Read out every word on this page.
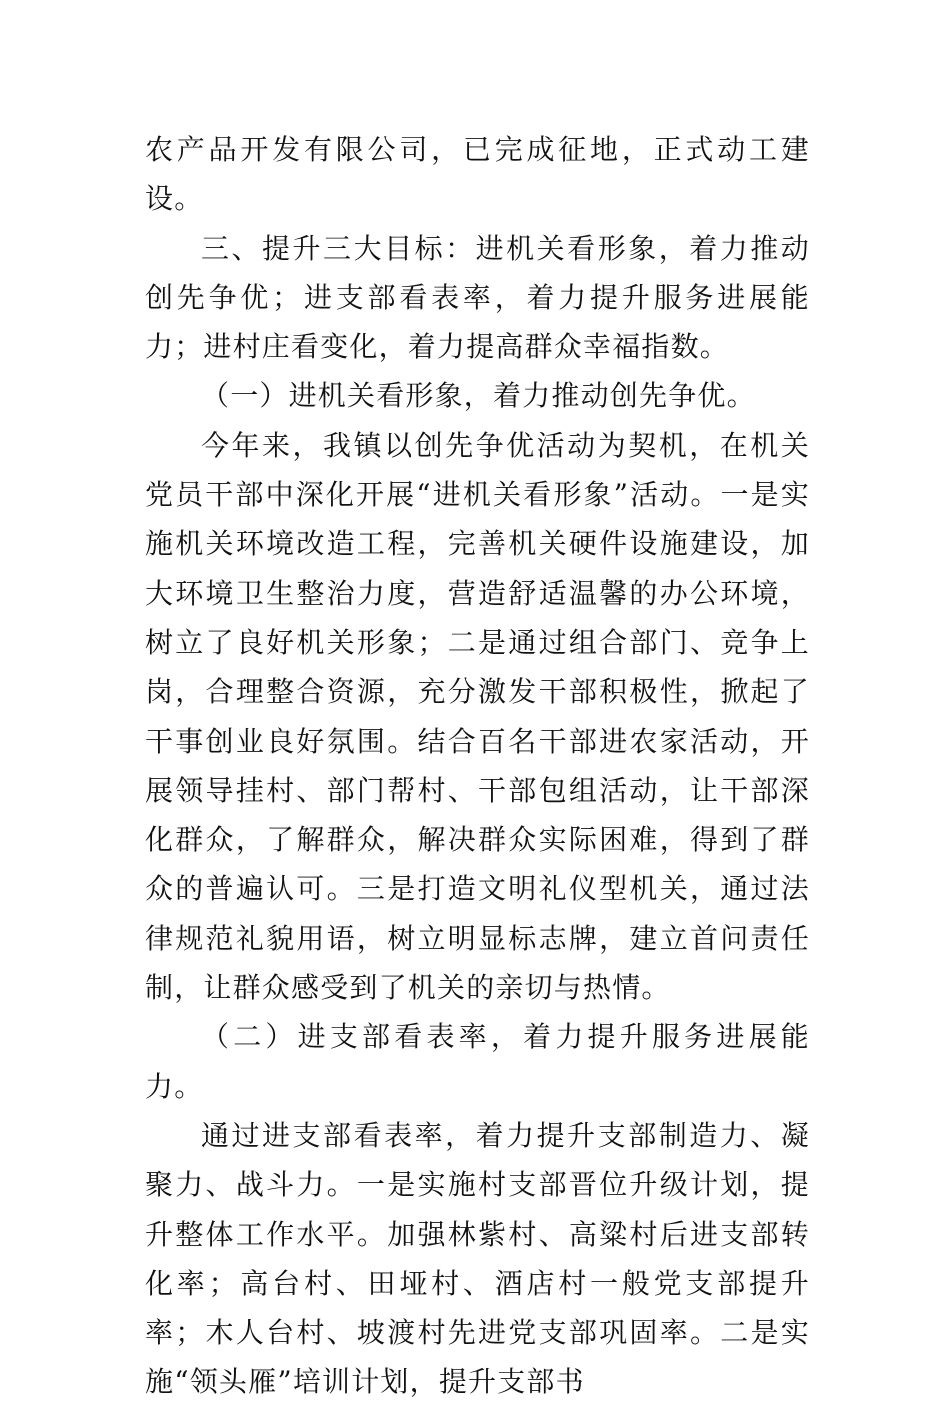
农产品开发有限公司，已完成征地，正式动工建设。

三、提升三大目标：进机关看形象，着力推动创先争优；进支部看表率，着力提升服务进展能力；进村庄看变化，着力提高群众幸福指数。

（一）进机关看形象，着力推动创先争优。

今年来，我镇以创先争优活动为契机，在机关党员干部中深化开展“进机关看形象”活动。一是实施机关环境改造工程，完善机关硬件设施建设，加大环境卫生整治力度，营造舒适温馨的办公环境，树立了良好机关形象；二是通过组合部门、竞争上岗，合理整合资源，充分激发干部积极性，掀起了干事创业良好氛围。结合百名干部进农家活动，开展领导挂村、部门帮村、干部包组活动，让干部深化群众，了解群众，解决群众实际困难，得到了群众的普遍认可。三是打造文明礼仪型机关，通过法律规范礼貌用语，树立明显标志牌，建立首问责任制，让群众感受到了机关的亲切与热情。

（二）进支部看表率，着力提升服务进展能力。

通过进支部看表率，着力提升支部制造力、凝聚力、战斗力。一是实施村支部晋位升级计划，提升整体工作水平。加强林紫村、高粱村后进支部转化率；高台村、田垭村、酒店村一般党支部提升率；木人台村、坡渡村先进党支部巩固率。二是实施“领头雁”培训计划，提升支部书
